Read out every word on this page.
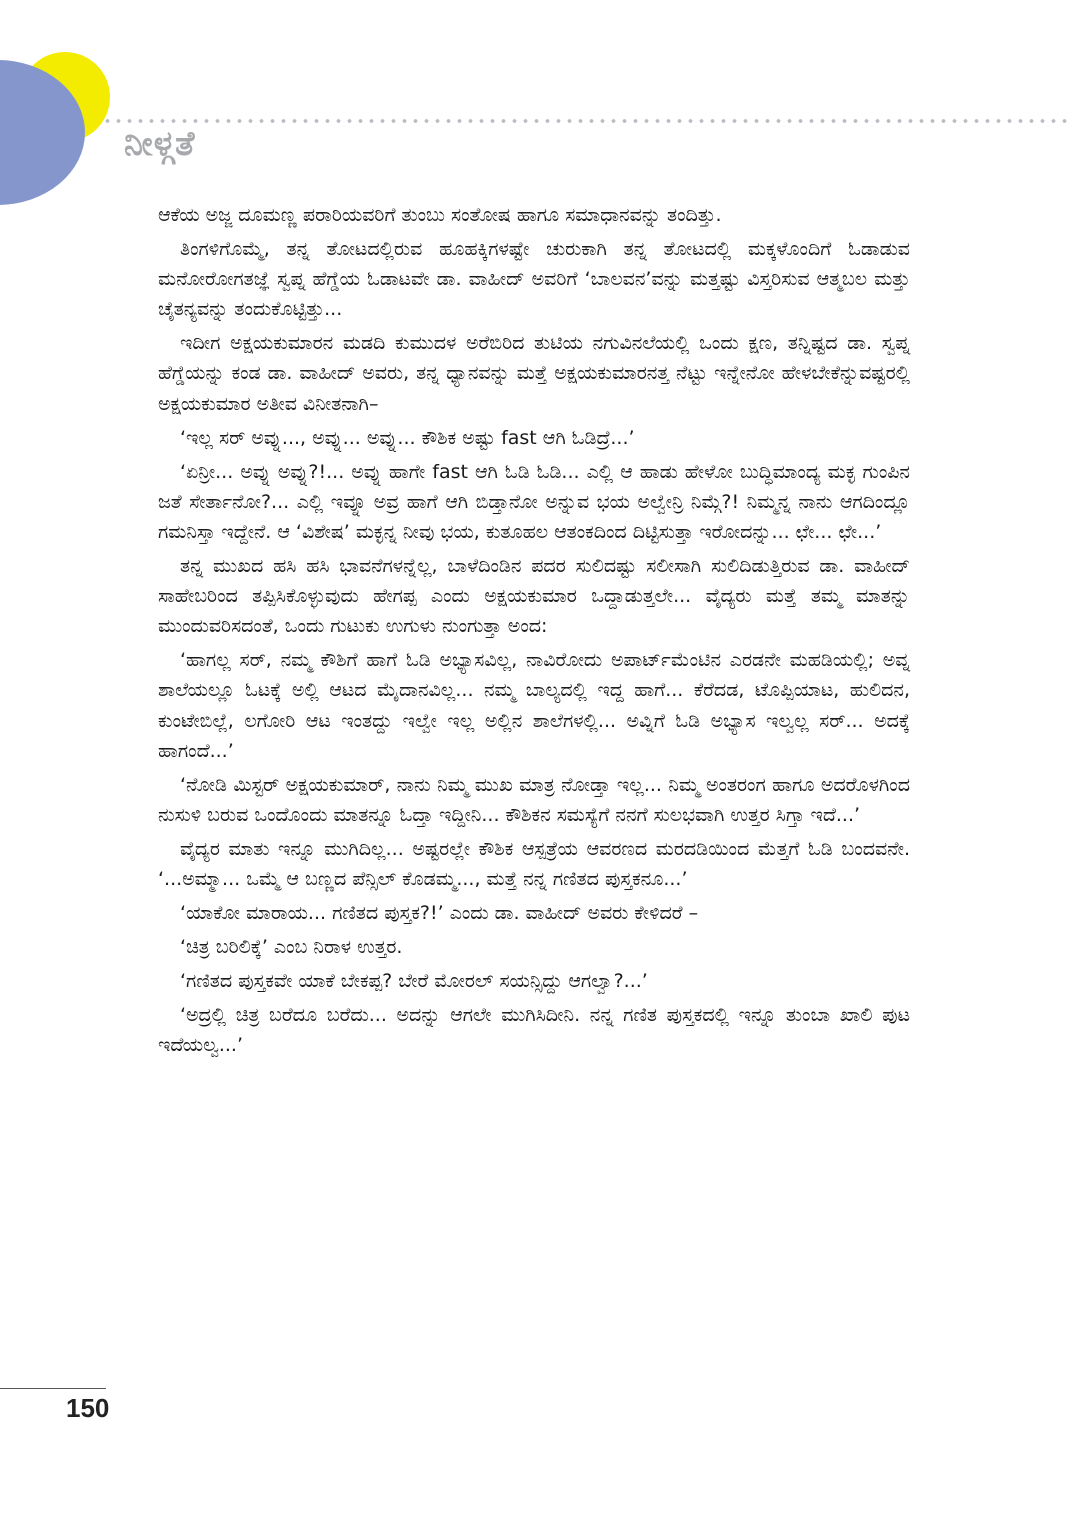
ನೀಳ್ಗತೆ

ಆಕೆಯ ಅಜ್ಜ ದೂಮಣ್ಣ ಪರಾರಿಯವರಿಗೆ ತುಂಬು ಸಂತೋಷ ಹಾಗೂ ಸಮಾಧಾನವನ್ನು ತಂದಿತ್ತು.

ತಿಂಗಳಿಗೊಮ್ಮೆ, ತನ್ನ ತೋಟದಲ್ಲಿರುವ ಹೂಹಕ್ಕಿಗಳಷ್ಟೇ ಚುರುಕಾಗಿ ತನ್ನ ತೋಟದಲ್ಲಿ ಮಕ್ಕಳೊಂದಿಗೆ ಓಡಾಡುವ ಮನೋರೋಗತಜ್ಞೆ ಸ್ವಪ್ನ ಹೆಗ್ಡೆಯ ಓಡಾಟವೇ ಡಾ. ವಾಹೀದ್ ಅವರಿಗೆ ‘ಬಾಲವನ’ವನ್ನು ಮತ್ತಷ್ಟು ವಿಸ್ತರಿಸುವ ಆತ್ಮಬಲ ಮತ್ತು ಚೈತನ್ಯವನ್ನು ತಂದುಕೊಟ್ಟಿತ್ತು...

ಇದೀಗ ಅಕ್ಷಯಕುಮಾರನ ಮಡದಿ ಕುಮುದಳ ಅರೆಬಿರಿದ ತುಟಿಯ ನಗುವಿನಲೆಯಲ್ಲಿ ಒಂದು ಕ್ಷಣ, ತನ್ನಿಷ್ಟದ ಡಾ. ಸ್ವಪ್ನ ಹೆಗ್ಡೆಯನ್ನು ಕಂಡ ಡಾ. ವಾಹೀದ್ ಅವರು, ತನ್ನ ಧ್ಯಾನವನ್ನು ಮತ್ತೆ ಅಕ್ಷಯಕುಮಾರನತ್ತ ನೆಟ್ಟು ಇನ್ನೇನೋ ಹೇಳಬೇಕೆನ್ನುವಷ್ಟರಲ್ಲಿ ಅಕ್ಷಯಕುಮಾರ ಅತೀವ ವಿನೀತನಾಗಿ–

‘ಇಲ್ಲ ಸರ್ ಅವ್ನು..., ಅವ್ನು... ಅವ್ನು... ಕೌಶಿಕ ಅಷ್ಟು fast ಆಗಿ ಓಡಿದ್ರೆ...’

‘ಏನ್ರೀ... ಅವ್ನು ಅವ್ನು?!... ಅವ್ನು ಹಾಗೇ fast ಆಗಿ ಓಡಿ ಓಡಿ... ಎಲ್ಲಿ ಆ ಹಾಡು ಹೇಳೋ ಬುದ್ಧಿಮಾಂದ್ಯ ಮಕ್ಳ ಗುಂಪಿನ ಜತೆ ಸೇರ್ತಾನೋ?... ಎಲ್ಲಿ ಇವ್ನೂ ಅವ್ರ ಹಾಗೆ ಆಗಿ ಬಿಡ್ತಾನೋ ಅನ್ನುವ ಭಯ ಅಲ್ವೇನ್ರಿ ನಿಮ್ಗೆ?! ನಿಮ್ಮನ್ನ ನಾನು ಆಗದಿಂದ್ಲೂ ಗಮನಿಸ್ತಾ ಇದ್ದೇನೆ. ಆ ‘ವಿಶೇಷ’ ಮಕ್ಳನ್ನ ನೀವು ಭಯ, ಕುತೂಹಲ ಆತಂಕದಿಂದ ದಿಟ್ಟಿಸುತ್ತಾ ಇರೋದನ್ನು... ಛೇ... ಛೇ...’

ತನ್ನ ಮುಖದ ಹಸಿ ಹಸಿ ಭಾವನೆಗಳನ್ನೆಲ್ಲ, ಬಾಳೆದಿಂಡಿನ ಪದರ ಸುಲಿದಷ್ಟು ಸಲೀಸಾಗಿ ಸುಲಿದಿಡುತ್ತಿರುವ ಡಾ. ವಾಹೀದ್ ಸಾಹೇಬರಿಂದ ತಪ್ಪಿಸಿಕೊಳ್ಳುವುದು ಹೇಗಪ್ಪ ಎಂದು ಅಕ್ಷಯಕುಮಾರ ಒದ್ದಾಡುತ್ತಲೇ... ವೈದ್ಯರು ಮತ್ತೆ ತಮ್ಮ ಮಾತನ್ನು ಮುಂದುವರಿಸದಂತೆ, ಒಂದು ಗುಟುಕು ಉಗುಳು ನುಂಗುತ್ತಾ ಅಂದ:

‘ಹಾಗಲ್ಲ ಸರ್, ನಮ್ಮ ಕೌಶಿಗೆ ಹಾಗೆ ಓಡಿ ಅಭ್ಯಾಸವಿಲ್ಲ, ನಾವಿರೋದು ಅಪಾರ್ಟ್‌ಮೆಂಟಿನ ಎರಡನೇ ಮಹಡಿಯಲ್ಲಿ; ಅವ್ನ ಶಾಲೆಯಲ್ಲೂ ಓಟಕ್ಕೆ ಅಲ್ಲಿ ಆಟದ ಮೈದಾನವಿಲ್ಲ... ನಮ್ಮ ಬಾಲ್ಯದಲ್ಲಿ ಇದ್ದ ಹಾಗೆ... ಕೆರೆದಡ, ಟೊಪ್ಪಿಯಾಟ, ಹುಲಿದನ, ಕುಂಟೇಬಿಲ್ಲೆ, ಲಗೋರಿ ಆಟ ಇಂತದ್ದು ಇಲ್ವೇ ಇಲ್ಲ ಅಲ್ಲಿನ ಶಾಲೆಗಳಲ್ಲಿ... ಅವ್ನಿಗೆ ಓಡಿ ಅಭ್ಯಾಸ ಇಲ್ವಲ್ಲ ಸರ್... ಅದಕ್ಕೆ ಹಾಗಂದೆ...’

‘ನೋಡಿ ಮಿಸ್ಟರ್ ಅಕ್ಷಯಕುಮಾರ್, ನಾನು ನಿಮ್ಮ ಮುಖ ಮಾತ್ರ ನೋಡ್ತಾ ಇಲ್ಲ... ನಿಮ್ಮ ಅಂತರಂಗ ಹಾಗೂ ಅದರೊಳಗಿಂದ ನುಸುಳಿ ಬರುವ ಒಂದೊಂದು ಮಾತನ್ನೂ ಓದ್ತಾ ಇದ್ದೀನಿ... ಕೌಶಿಕನ ಸಮಸ್ಯೆಗೆ ನನಗೆ ಸುಲಭವಾಗಿ ಉತ್ತರ ಸಿಗ್ತಾ ಇದೆ...’

ವೈದ್ಯರ ಮಾತು ಇನ್ನೂ ಮುಗಿದಿಲ್ಲ... ಅಷ್ಟರಲ್ಲೇ ಕೌಶಿಕ ಆಸ್ಪತ್ರೆಯ ಆವರಣದ ಮರದಡಿಯಿಂದ ಮೆತ್ತಗೆ ಓಡಿ ಬಂದವನೇ. ‘...ಅಮ್ಮಾ... ಒಮ್ಮೆ ಆ ಬಣ್ಣದ ಪೆನ್ಸಿಲ್ ಕೊಡಮ್ಮ..., ಮತ್ತೆ ನನ್ನ ಗಣಿತದ ಪುಸ್ತಕನೂ...’

‘ಯಾಕೋ ಮಾರಾಯ... ಗಣಿತದ ಪುಸ್ತಕ?!’ ಎಂದು ಡಾ. ವಾಹೀದ್ ಅವರು ಕೇಳಿದರೆ –

‘ಚಿತ್ರ ಬರಿಲಿಕ್ಕೆ’ ಎಂಬ ನಿರಾಳ ಉತ್ತರ.

‘ಗಣಿತದ ಪುಸ್ತಕವೇ ಯಾಕೆ ಬೇಕಪ್ಪ? ಬೇರೆ ಮೋರಲ್ ಸಯನ್ಸಿದ್ದು ಆಗಲ್ವಾ?...’

‘ಅದ್ರಲ್ಲಿ ಚಿತ್ರ ಬರೆದೂ ಬರೆದು... ಅದನ್ನು ಆಗಲೇ ಮುಗಿಸಿದೀನಿ. ನನ್ನ ಗಣಿತ ಪುಸ್ತಕದಲ್ಲಿ ಇನ್ನೂ ತುಂಬಾ ಖಾಲಿ ಪುಟ ಇದೆಯಲ್ವ...’

150
